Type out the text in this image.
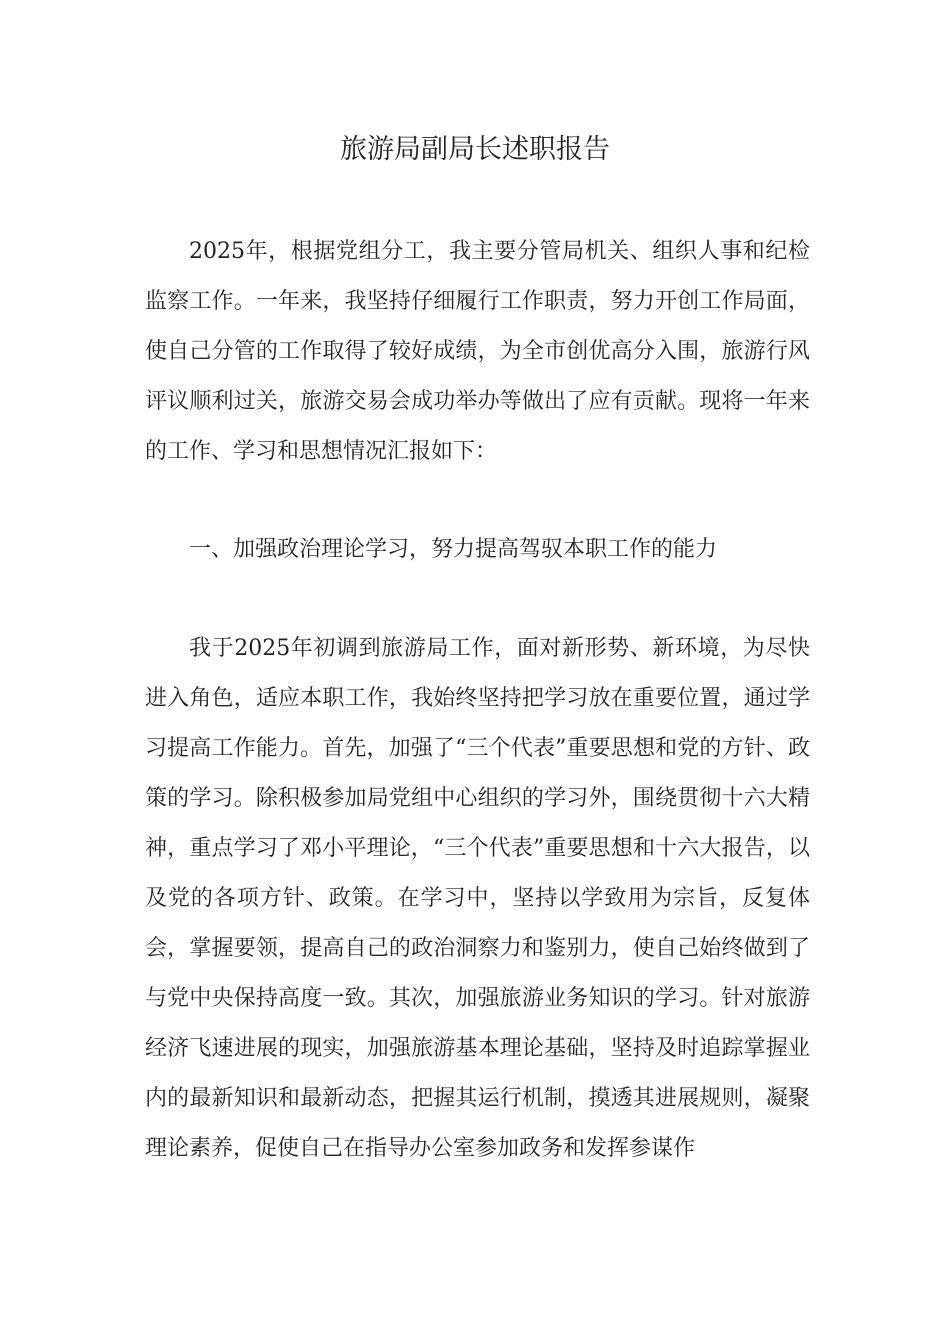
旅游局副局长述职报告

2025年，根据党组分工，我主要分管局机关、组织人事和纪检监察工作。一年来，我坚持仔细履行工作职责，努力开创工作局面，使自己分管的工作取得了较好成绩，为全市创优高分入围，旅游行风评议顺利过关，旅游交易会成功举办等做出了应有贡献。现将一年来的工作、学习和思想情况汇报如下：

一、加强政治理论学习，努力提高驾驭本职工作的能力

我于2025年初调到旅游局工作，面对新形势、新环境，为尽快进入角色，适应本职工作，我始终坚持把学习放在重要位置，通过学习提高工作能力。首先，加强了“三个代表”重要思想和党的方针、政策的学习。除积极参加局党组中心组织的学习外，围绕贯彻十六大精神，重点学习了邓小平理论，“三个代表”重要思想和十六大报告，以及党的各项方针、政策。在学习中，坚持以学致用为宗旨，反复体会，掌握要领，提高自己的政治洞察力和鉴别力，使自己始终做到了与党中央保持高度一致。其次，加强旅游业务知识的学习。针对旅游经济飞速进展的现实，加强旅游基本理论基础，坚持及时追踪掌握业内的最新知识和最新动态，把握其运行机制，摸透其进展规则，凝聚理论素养，促使自己在指导办公室参加政务和发挥参谋作
